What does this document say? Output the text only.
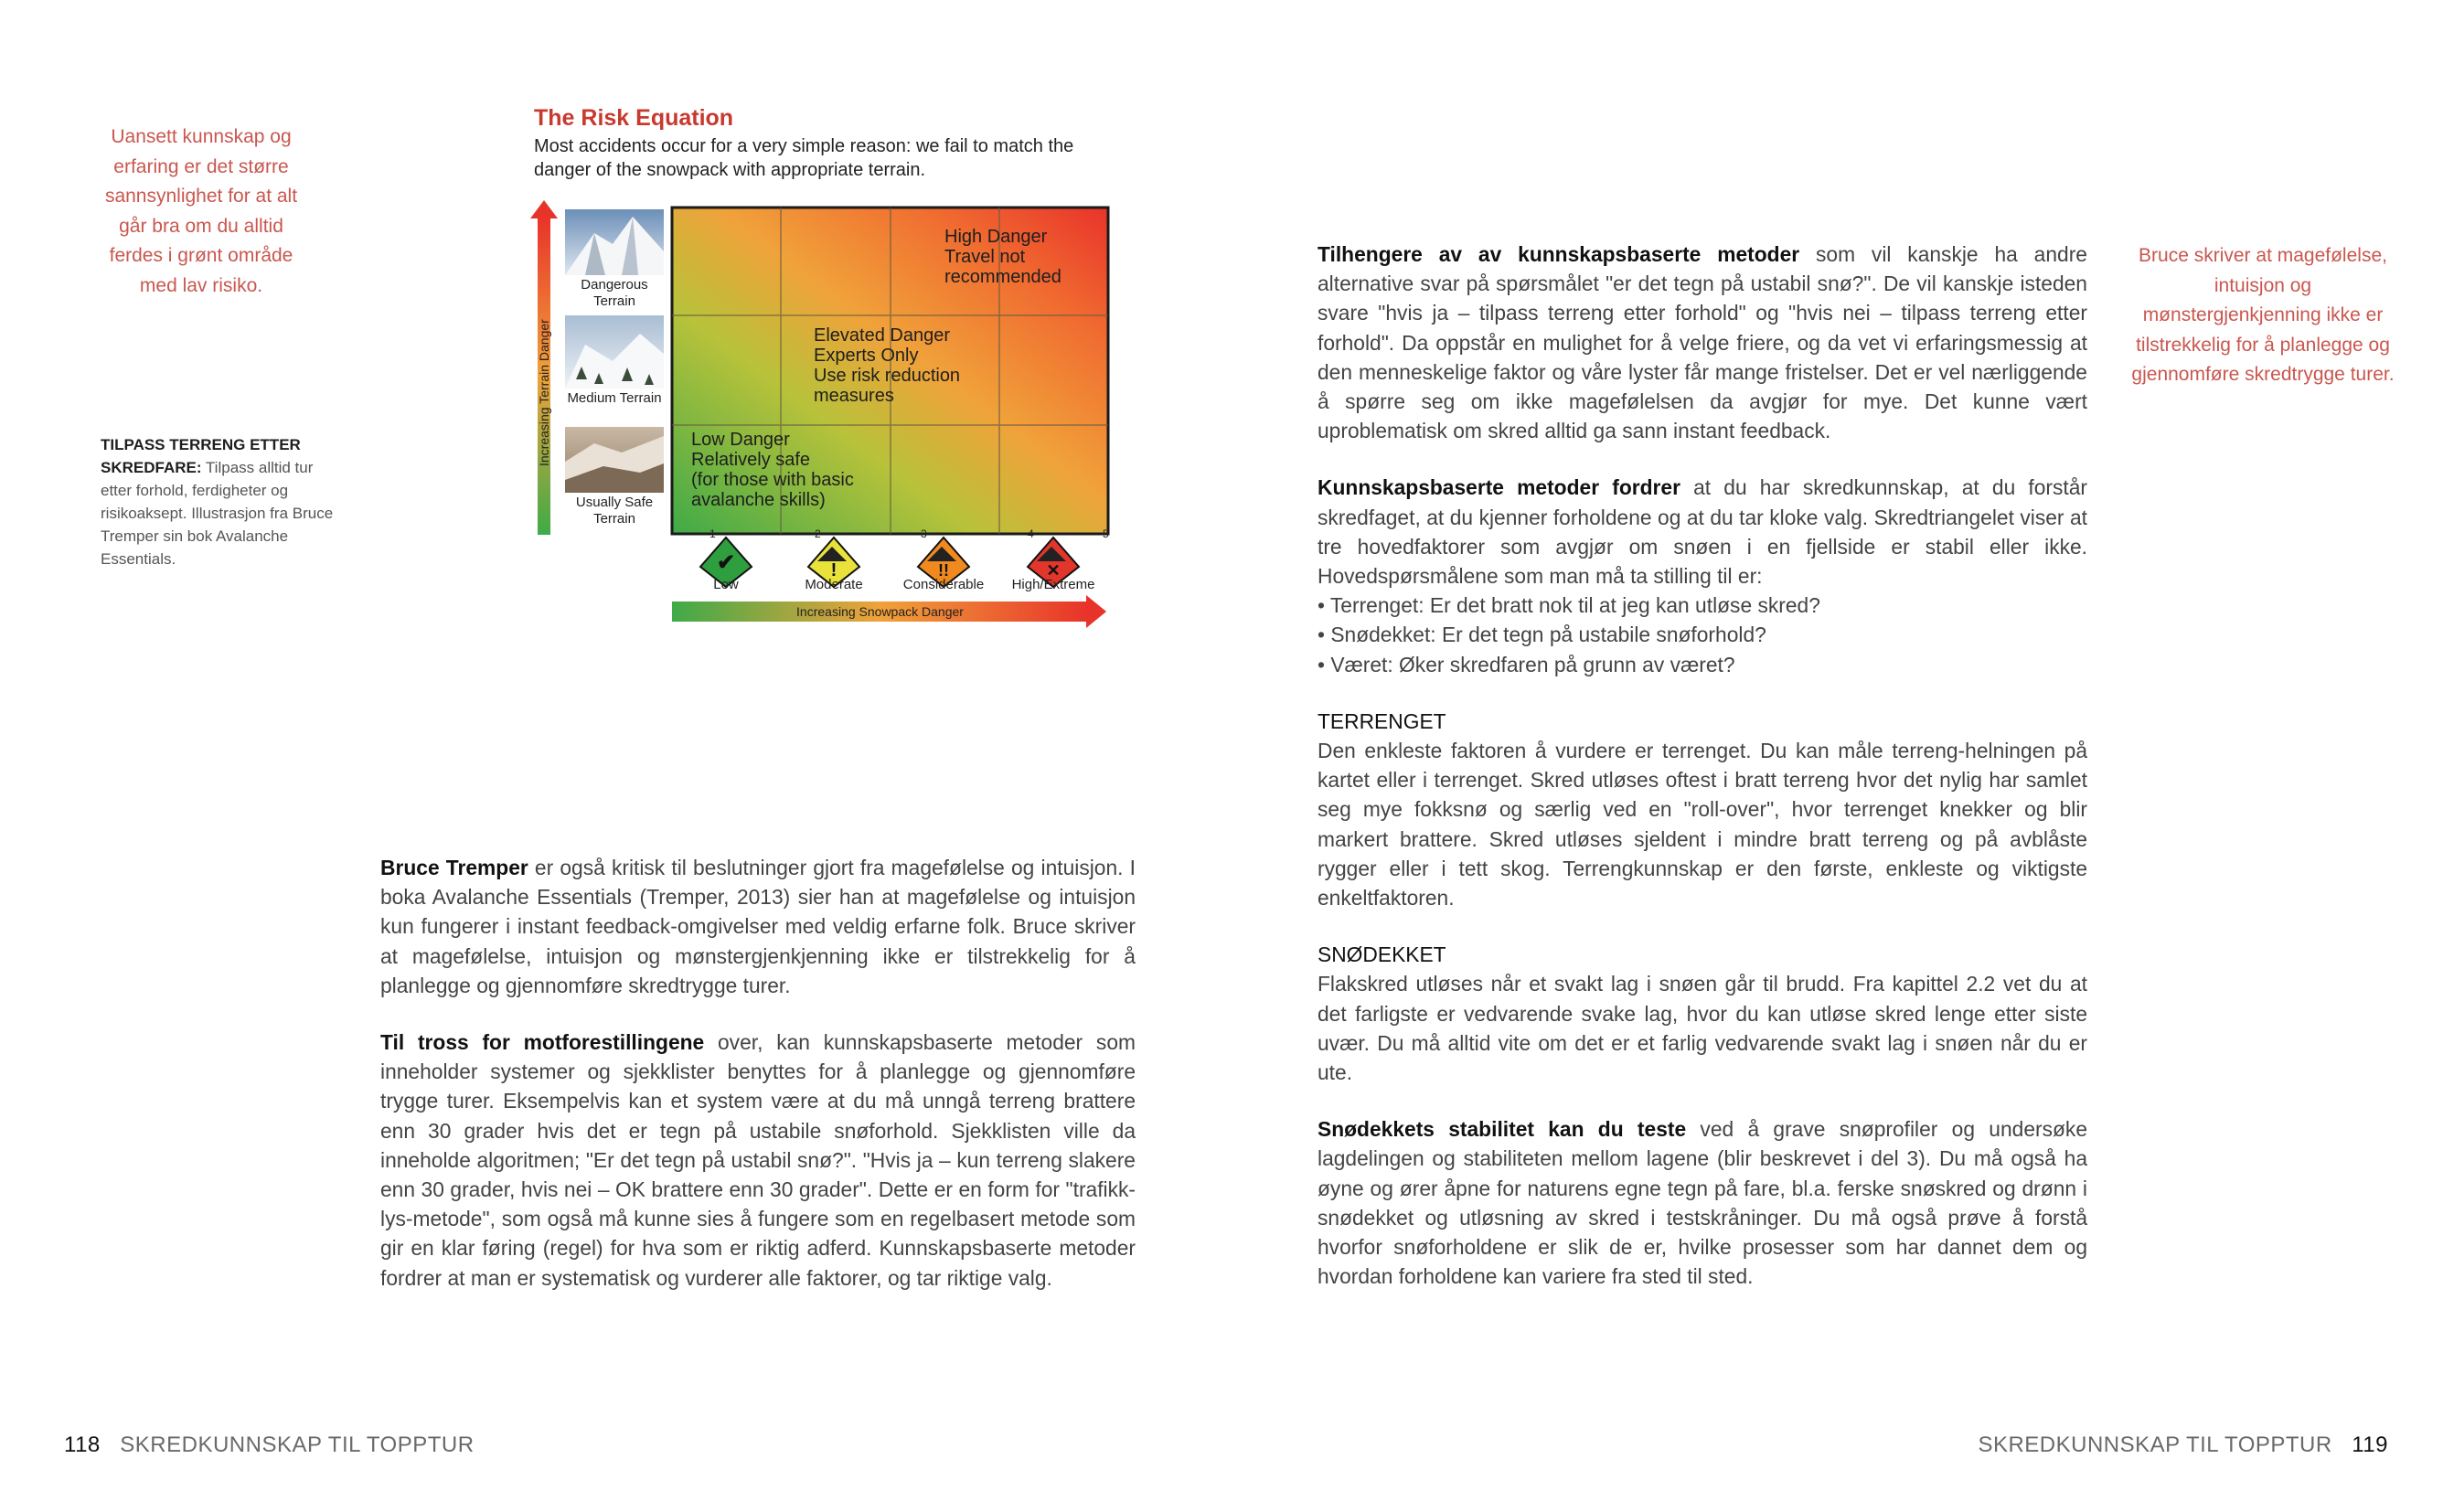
Uansett kunnskap og erfaring er det større sannsynlighet for at alt går bra om du alltid ferdes i grønt område med lav risiko.
TILPASS TERRENG ETTER SKREDFARE: Tilpass alltid tur etter forhold, ferdigheter og risikoaksept. Illustrasjon fra Bruce Tremper sin bok Avalanche Essentials.
The Risk Equation
Most accidents occur for a very simple reason: we fail to match the danger of the snowpack with appropriate terrain.
Increasing Terrain Danger
✔	!	!!	✕
Dangerous Terrain
Medium Terrain
Usually Safe Terrain
High Danger
Travel not
recommended
Elevated Danger
Experts Only
Use risk reduction
measures
Low Danger
Relatively safe
(for those with basic
avalanche skills)
1	2	3	4	5
Low	Moderate	Considerable	High/Extreme
Increasing Snowpack Danger

Bruce Tremper er også kritisk til beslutninger gjort fra magefølelse og intuisjon. I boka Avalanche Essentials (Tremper, 2013) sier han at magefølelse og intuisjon kun fungerer i instant feedback-omgivelser med veldig erfarne folk. Bruce skriver at magefølelse, intuisjon og mønstergjenkjenning ikke er tilstrekkelig for å planlegge og gjennomføre skredtrygge turer.

Til tross for motforestillingene over, kan kunnskapsbaserte metoder som inneholder systemer og sjekklister benyttes for å planlegge og gjennomføre trygge turer. Eksempelvis kan et system være at du må unngå terreng brattere enn 30 grader hvis det er tegn på ustabile snøforhold. Sjekklisten ville da inneholde algoritmen; "Er det tegn på ustabil snø?". "Hvis ja – kun terreng slakere enn 30 grader, hvis nei – OK brattere enn 30 grader". Dette er en form for "trafikk-lys-metode", som også må kunne sies å fungere som en regelbasert metode som gir en klar føring (regel) for hva som er riktig adferd. Kunnskapsbaserte metoder fordrer at man er systematisk og vurderer alle faktorer, og tar riktige valg.

Tilhengere av av kunnskapsbaserte metoder som vil kanskje ha andre alternative svar på spørsmålet "er det tegn på ustabil snø?". De vil kanskje isteden svare "hvis ja – tilpass terreng etter forhold" og "hvis nei – tilpass terreng etter forhold". Da oppstår en mulighet for å velge friere, og da vet vi erfaringsmessig at den menneskelige faktor og våre lyster får mange fristelser. Det er vel nærliggende å spørre seg om ikke magefølelsen da avgjør for mye. Det kunne vært uproblematisk om skred alltid ga sann instant feedback.

Kunnskapsbaserte metoder fordrer at du har skredkunnskap, at du forstår skredfaget, at du kjenner forholdene og at du tar kloke valg. Skredtriangelet viser at tre hovedfaktorer som avgjør om snøen i en fjellside er stabil eller ikke. Hovedspørsmålene som man må ta stilling til er:
• Terrenget: Er det bratt nok til at jeg kan utløse skred?
• Snødekket: Er det tegn på ustabile snøforhold?
• Været: Øker skredfaren på grunn av været?

TERRENGET
Den enkleste faktoren å vurdere er terrenget. Du kan måle terreng-helningen på kartet eller i terrenget. Skred utløses oftest i bratt terreng hvor det nylig har samlet seg mye fokksnø og særlig ved en "roll-over", hvor terrenget knekker og blir markert brattere. Skred utløses sjeldent i mindre bratt terreng og på avblåste rygger eller i tett skog. Terrengkunnskap er den første, enkleste og viktigste enkeltfaktoren.

SNØDEKKET
Flakskred utløses når et svakt lag i snøen går til brudd. Fra kapittel 2.2 vet du at det farligste er vedvarende svake lag, hvor du kan utløse skred lenge etter siste uvær. Du må alltid vite om det er et farlig vedvarende svakt lag i snøen når du er ute.

Snødekkets stabilitet kan du teste ved å grave snøprofiler og undersøke lagdelingen og stabiliteten mellom lagene (blir beskrevet i del 3). Du må også ha øyne og ører åpne for naturens egne tegn på fare, bl.a. ferske snøskred og drønn i snødekket og utløsning av skred i testskråninger. Du må også prøve å forstå hvorfor snøforholdene er slik de er, hvilke prosesser som har dannet dem og hvordan forholdene kan variere fra sted til sted.

Bruce skriver at magefølelse, intuisjon og mønstergjenkjenning ikke er tilstrekkelig for å planlegge og gjennomføre skredtrygge turer.
118 SKREDKUNNSKAP TIL TOPPTUR	SKREDKUNNSKAP TIL TOPPTUR 119
